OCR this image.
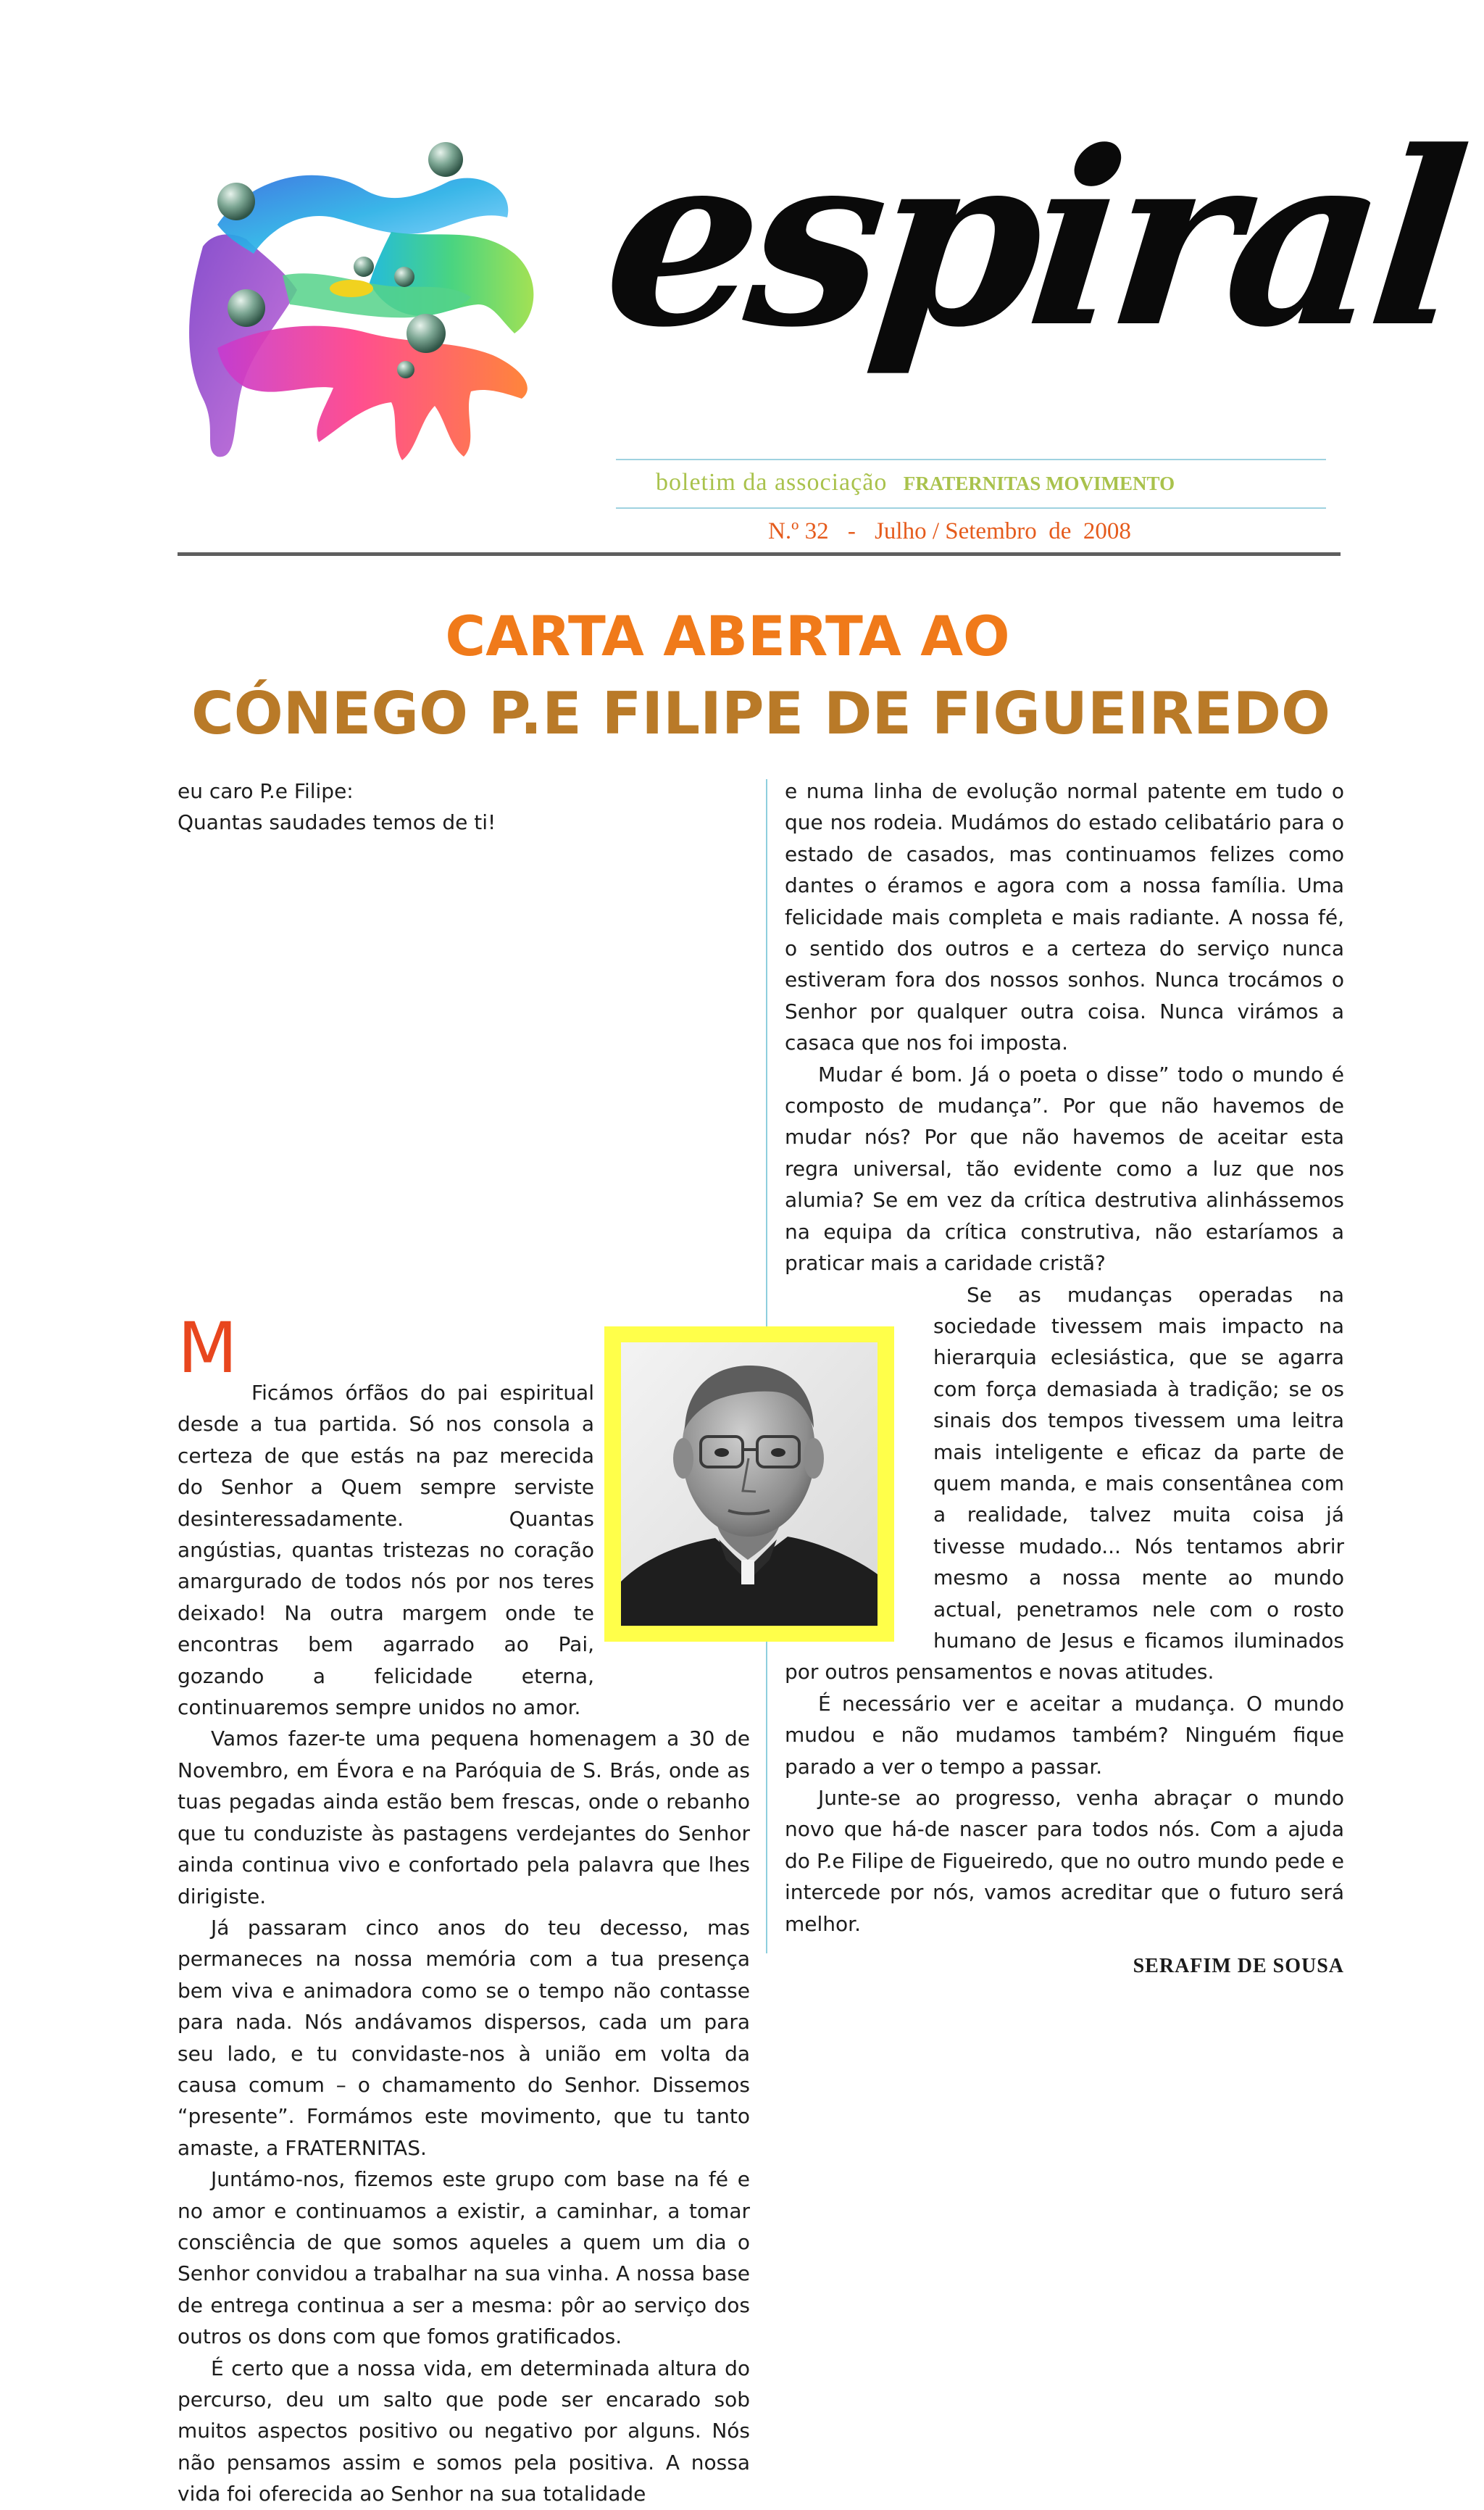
espiral
boletim da associação FRATERNITAS MOVIMENTO
N.º 32 - Julho / Setembro  de  2008
CARTA ABERTA AO
CÓNEGO P.E FILIPE DE FIGUEIREDO
M
eu caro P.e Filipe:
Quantas saudades temos de ti!

Ficámos órfãos do pai espiritual desde a tua partida. Só nos consola a certeza de que estás na paz merecida do Senhor a Quem sempre serviste desinteressadamente. Quantas angústias, quantas tristezas no coração amargurado de todos nós por nos teres deixado! Na outra margem onde te encontras bem agarrado ao Pai, gozando a felicidade eterna, continuaremos sempre unidos no amor.

Vamos fazer-te uma pequena homenagem a 30 de Novembro, em Évora e na Paróquia de S. Brás, onde as tuas pegadas ainda estão bem frescas, onde o rebanho que tu conduziste às pastagens verdejantes do Senhor ainda continua vivo e confortado pela palavra que lhes dirigiste.

Já passaram cinco anos do teu decesso, mas permaneces na nossa memória com a tua presença bem viva e animadora como se o tempo não contasse para nada. Nós andávamos dispersos, cada um para seu lado, e tu convidaste-nos à união em volta da causa comum – o chamamento do Senhor. Dissemos “presente”. Formámos este movimento, que tu tanto amaste, a FRATERNITAS.

Juntámo-nos, fizemos este grupo com base na fé e no amor e continuamos a existir, a caminhar, a tomar consciência de que somos aqueles a quem um dia o Senhor convidou a trabalhar na sua vinha. A nossa base de entrega continua a ser a mesma: pôr ao serviço dos outros os dons com que fomos gratificados.

É certo que a nossa vida, em determinada altura do percurso, deu um salto que pode ser encarado sob muitos aspectos positivo ou negativo por alguns. Nós não pensamos assim e somos pela positiva. A nossa vida foi oferecida ao Senhor na sua totalidade

e numa linha de evolução normal patente em tudo o que nos rodeia. Mudámos do estado celibatário para o estado de casados, mas continuamos felizes como dantes o éramos e agora com a nossa família. Uma felicidade mais completa e mais radiante. A nossa fé, o sentido dos outros e a certeza do serviço nunca estiveram fora dos nossos sonhos. Nunca trocámos o Senhor por qualquer outra coisa. Nunca virámos a casaca que nos foi imposta.

Mudar é bom. Já o poeta o disse” todo o mundo é composto de mudança”. Por que não havemos de mudar nós? Por que não havemos de aceitar esta regra universal, tão evidente como a luz que nos alumia? Se em vez da crítica destrutiva alinhássemos na equipa da crítica construtiva, não estaríamos a praticar mais a caridade cristã?

Se as mudanças operadas na sociedade tivessem mais impacto na hierarquia eclesiástica, que se agarra com força demasiada à tradição; se os sinais dos tempos tivessem uma leitra mais inteligente e eficaz da parte de quem manda, e mais consentânea com a realidade, talvez muita coisa já tivesse mudado... Nós tentamos abrir mesmo a nossa mente ao mundo actual, penetramos nele com o rosto humano de Jesus e ficamos iluminados por outros pensamentos e novas atitudes.

É necessário ver e aceitar a mudança. O mundo mudou e não mudamos também? Ninguém fique parado a ver o tempo a passar.

Junte-se ao progresso, venha abraçar o mundo novo que há-de nascer para todos nós. Com a ajuda do P.e Filipe de Figueiredo, que no outro mundo pede e intercede por nós, vamos acreditar que o futuro será melhor.

SERAFIM DE SOUSA
